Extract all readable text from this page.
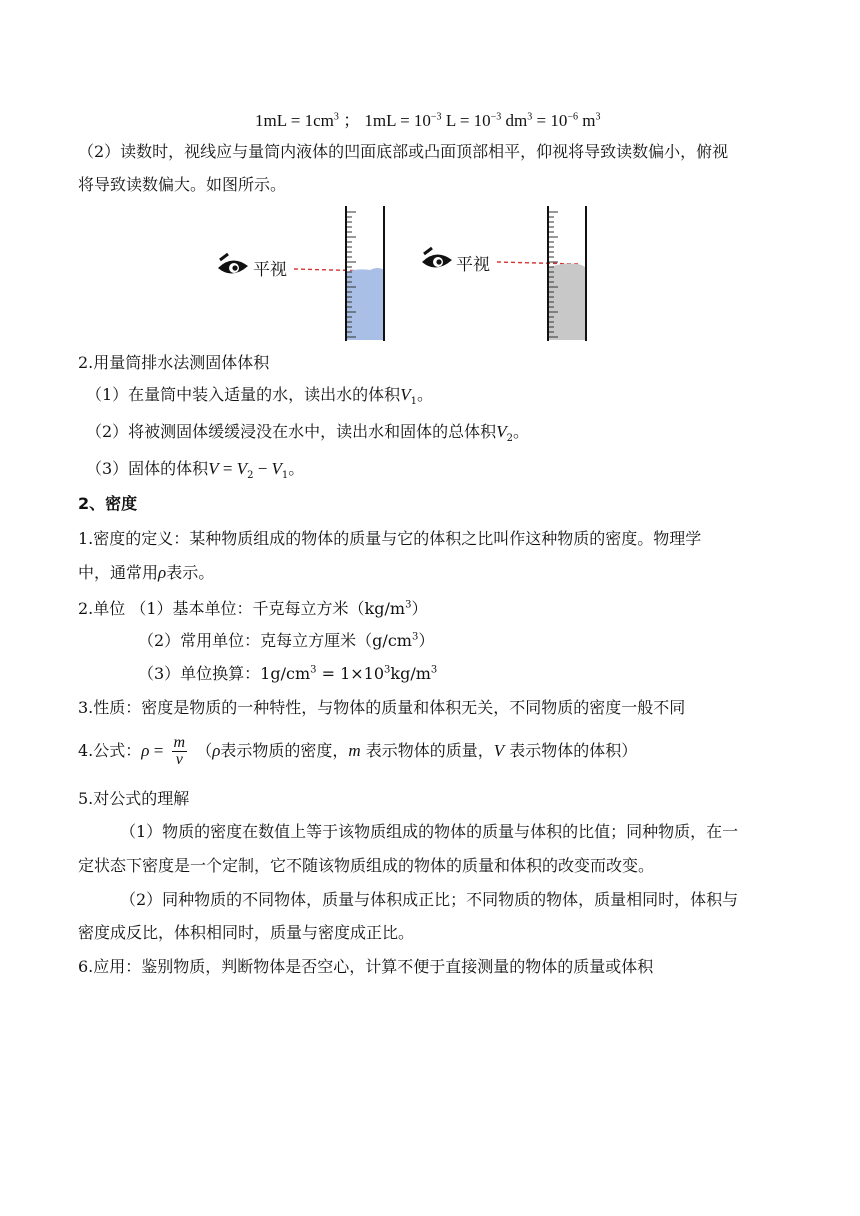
$1mL = 1cm^3$ ； $1mL = 10^{-3}$ $L = 10^{-3}$ $dm^3 = 10^{-6}$ $m^3$
（2）读数时，视线应与量筒内液体的凹面底部或凸面顶部相平，仰视将导致读数偏小，俯视
将导致读数偏大。如图所示。
平视	平视
2.用量筒排水法测固体体积
（1）在量筒中装入适量的水，读出水的体积$V_1$。
（2）将被测固体缓缓浸没在水中，读出水和固体的总体积$V_2$。
（3）固体的体积$V = V_2 - V_1$。
2、密度
1.密度的定义：某种物质组成的物体的质量与它的体积之比叫作这种物质的密度。物理学
中，通常用ρ表示。
2.单位 （1）基本单位：千克每立方米$(kg/m^3)$
（2）常用单位：克每立方厘米$(g/cm^3)$
（3）单位换算：$1g/cm^3 = 1\times 10^3kg/m^3$
3.性质：密度是物质的一种特性，与物体的质量和体积无关，不同物质的密度一般不同
4.公式：$\rho = \frac{m}{v} (\rho$表示物质的密度，m 表示物体的质量，V 表示物体的体积）
5.对公式的理解
（1）物质的密度在数值上等于该物质组成的物体的质量与体积的比值；同种物质，在一
定状态下密度是一个定制，它不随该物质组成的物体的质量和体积的改变而改变。
（2）同种物质的不同物体，质量与体积成正比；不同物质的物体，质量相同时，体积与
密度成反比，体积相同时，质量与密度成正比。
6.应用：鉴别物质，判断物体是否空心，计算不便于直接测量的物体的质量或体积
